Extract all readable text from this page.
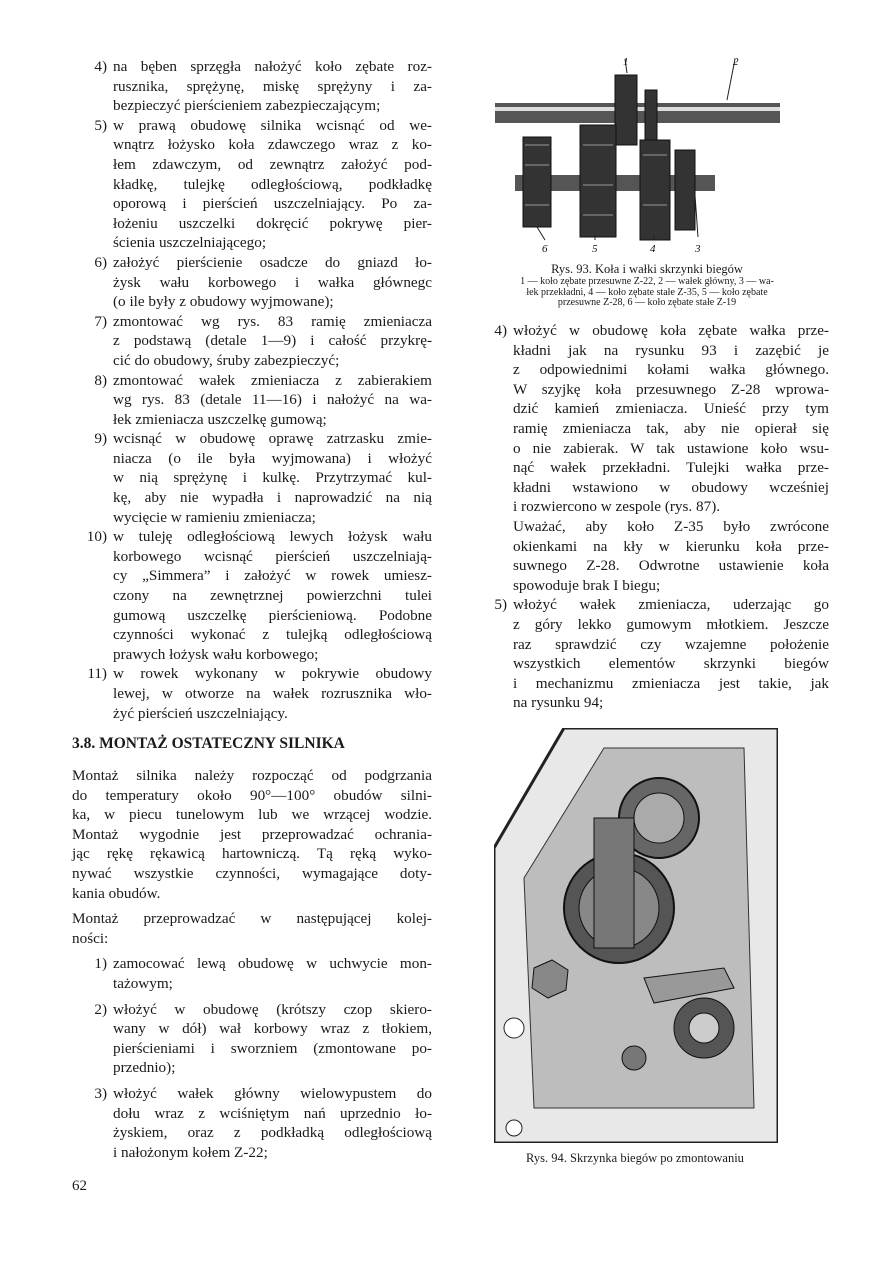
4) na bęben sprzęgła nałożyć koło zębate roz-
rusznika, sprężynę, miskę sprężyny i za-
bezpieczyć pierścieniem zabezpieczającym;
5) w prawą obudowę silnika wcisnąć od we-
wnątrz łożysko koła zdawczego wraz z ko-
łem zdawczym, od zewnątrz założyć pod-
kładkę, tulejkę odległościową, podkładkę
oporową i pierścień uszczelniający. Po za-
łożeniu uszczelki dokręcić pokrywę pier-
ścienia uszczelniającego;
6) założyć pierścienie osadcze do gniazd ło-
żysk wału korbowego i wałka głównegc
(o ile były z obudowy wyjmowane);
7) zmontować wg rys. 83 ramię zmieniacza
z podstawą (detale 1—9) i całość przykrę-
cić do obudowy, śruby zabezpieczyć;
8) zmontować wałek zmieniacza z zabierakiem
wg rys. 83 (detale 11—16) i nałożyć na wa-
łek zmieniacza uszczelkę gumową;
9) wcisnąć w obudowę oprawę zatrzasku zmie-
niacza (o ile była wyjmowana) i włożyć
w nią sprężynę i kulkę. Przytrzymać kul-
kę, aby nie wypadła i naprowadzić na nią
wycięcie w ramieniu zmieniacza;
10) w tuleję odległościową lewych łożysk wału
korbowego wcisnąć pierścień uszczelniają-
cy „Simmera” i założyć w rowek umiesz-
czony na zewnętrznej powierzchni tulei
gumową uszczelkę pierścieniową. Podobne
czynności wykonać z tulejką odległościową
prawych łożysk wału korbowego;
11) w rowek wykonany w pokrywie obudowy
lewej, w otworze na wałek rozrusznika wło-
żyć pierścień uszczelniający.
3.8. MONTAŻ OSTATECZNY SILNIKA
Montaż silnika należy rozpocząć od podgrzania
do temperatury około 90°—100° obudów silni-
ka, w piecu tunelowym lub we wrzącej wodzie.
Montaż wygodnie jest przeprowadzać ochrania-
jąc rękę rękawicą hartowniczą. Tą ręką wyko-
nywać wszystkie czynności, wymagające doty-
kania obudów.
Montaż przeprowadzać w następującej kolej-
ności:
1) zamocować lewą obudowę w uchwycie mon-
tażowym;
2) włożyć w obudowę (krótszy czop skiero-
wany w dół) wał korbowy wraz z tłokiem,
pierścieniami i sworzniem (zmontowane po-
przednio);
3) włożyć wałek główny wielowypustem do
dołu wraz z wciśniętym nań uprzednio ło-
żyskiem, oraz z podkładką odległościową
i nałożonym kołem Z-22;
1	2
3
4
5
6
Rys. 93. Koła i wałki skrzynki biegów
1 — koło zębate przesuwne Z-22, 2 — wałek główny, 3 — wa-
łek przekładni, 4 — koło zębate stałe Z-35, 5 — koło zębate
przesuwne Z-28, 6 — koło zębate stałe Z-19
4) włożyć w obudowę koła zębate wałka prze-
kładni jak na rysunku 93 i zazębić je
z odpowiednimi kołami wałka głównego.
W szyjkę koła przesuwnego Z-28 wprowa-
dzić kamień zmieniacza. Unieść przy tym
ramię zmieniacza tak, aby nie opierał się
o nie zabierak. W tak ustawione koło wsu-
nąć wałek przekładni. Tulejki wałka prze-
kładni wstawiono w obudowy wcześniej
i rozwiercono w zespole (rys. 87).
Uważać, aby koło Z-35 było zwrócone
okienkami na kły w kierunku koła prze-
suwnego Z-28. Odwrotne ustawienie koła
spowoduje brak I biegu;
5) włożyć wałek zmieniacza, uderzając go
z góry lekko gumowym młotkiem. Jeszcze
raz sprawdzić czy wzajemne położenie
wszystkich elementów skrzynki biegów
i mechanizmu zmieniacza jest takie, jak
na rysunku 94;
Rys. 94. Skrzynka biegów po zmontowaniu
62
